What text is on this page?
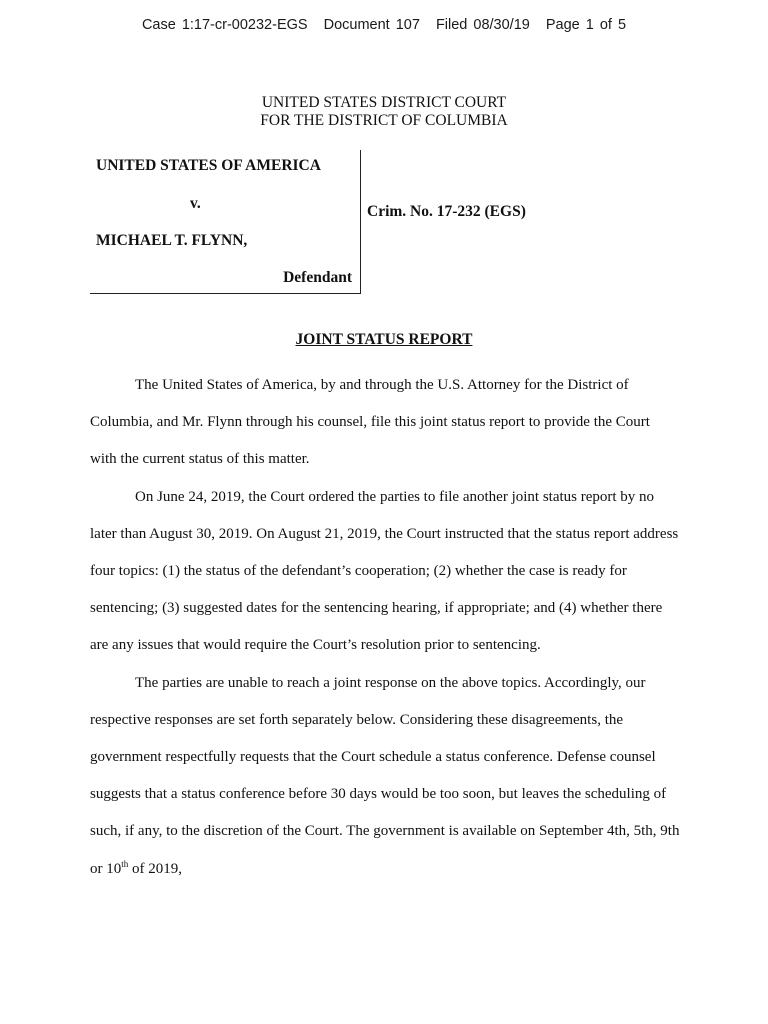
Case 1:17-cr-00232-EGS Document 107 Filed 08/30/19 Page 1 of 5
UNITED STATES DISTRICT COURT
FOR THE DISTRICT OF COLUMBIA
UNITED STATES OF AMERICA
v.
MICHAEL T. FLYNN,
Defendant
Crim. No. 17-232 (EGS)
JOINT STATUS REPORT

The United States of America, by and through the U.S. Attorney for the District of Columbia, and Mr. Flynn through his counsel, file this joint status report to provide the Court with the current status of this matter.

On June 24, 2019, the Court ordered the parties to file another joint status report by no later than August 30, 2019. On August 21, 2019, the Court instructed that the status report address four topics: (1) the status of the defendant’s cooperation; (2) whether the case is ready for sentencing; (3) suggested dates for the sentencing hearing, if appropriate; and (4) whether there are any issues that would require the Court’s resolution prior to sentencing.

The parties are unable to reach a joint response on the above topics. Accordingly, our respective responses are set forth separately below. Considering these disagreements, the government respectfully requests that the Court schedule a status conference. Defense counsel suggests that a status conference before 30 days would be too soon, but leaves the scheduling of such, if any, to the discretion of the Court. The government is available on September 4th, 5th, 9th or 10th of 2019,
